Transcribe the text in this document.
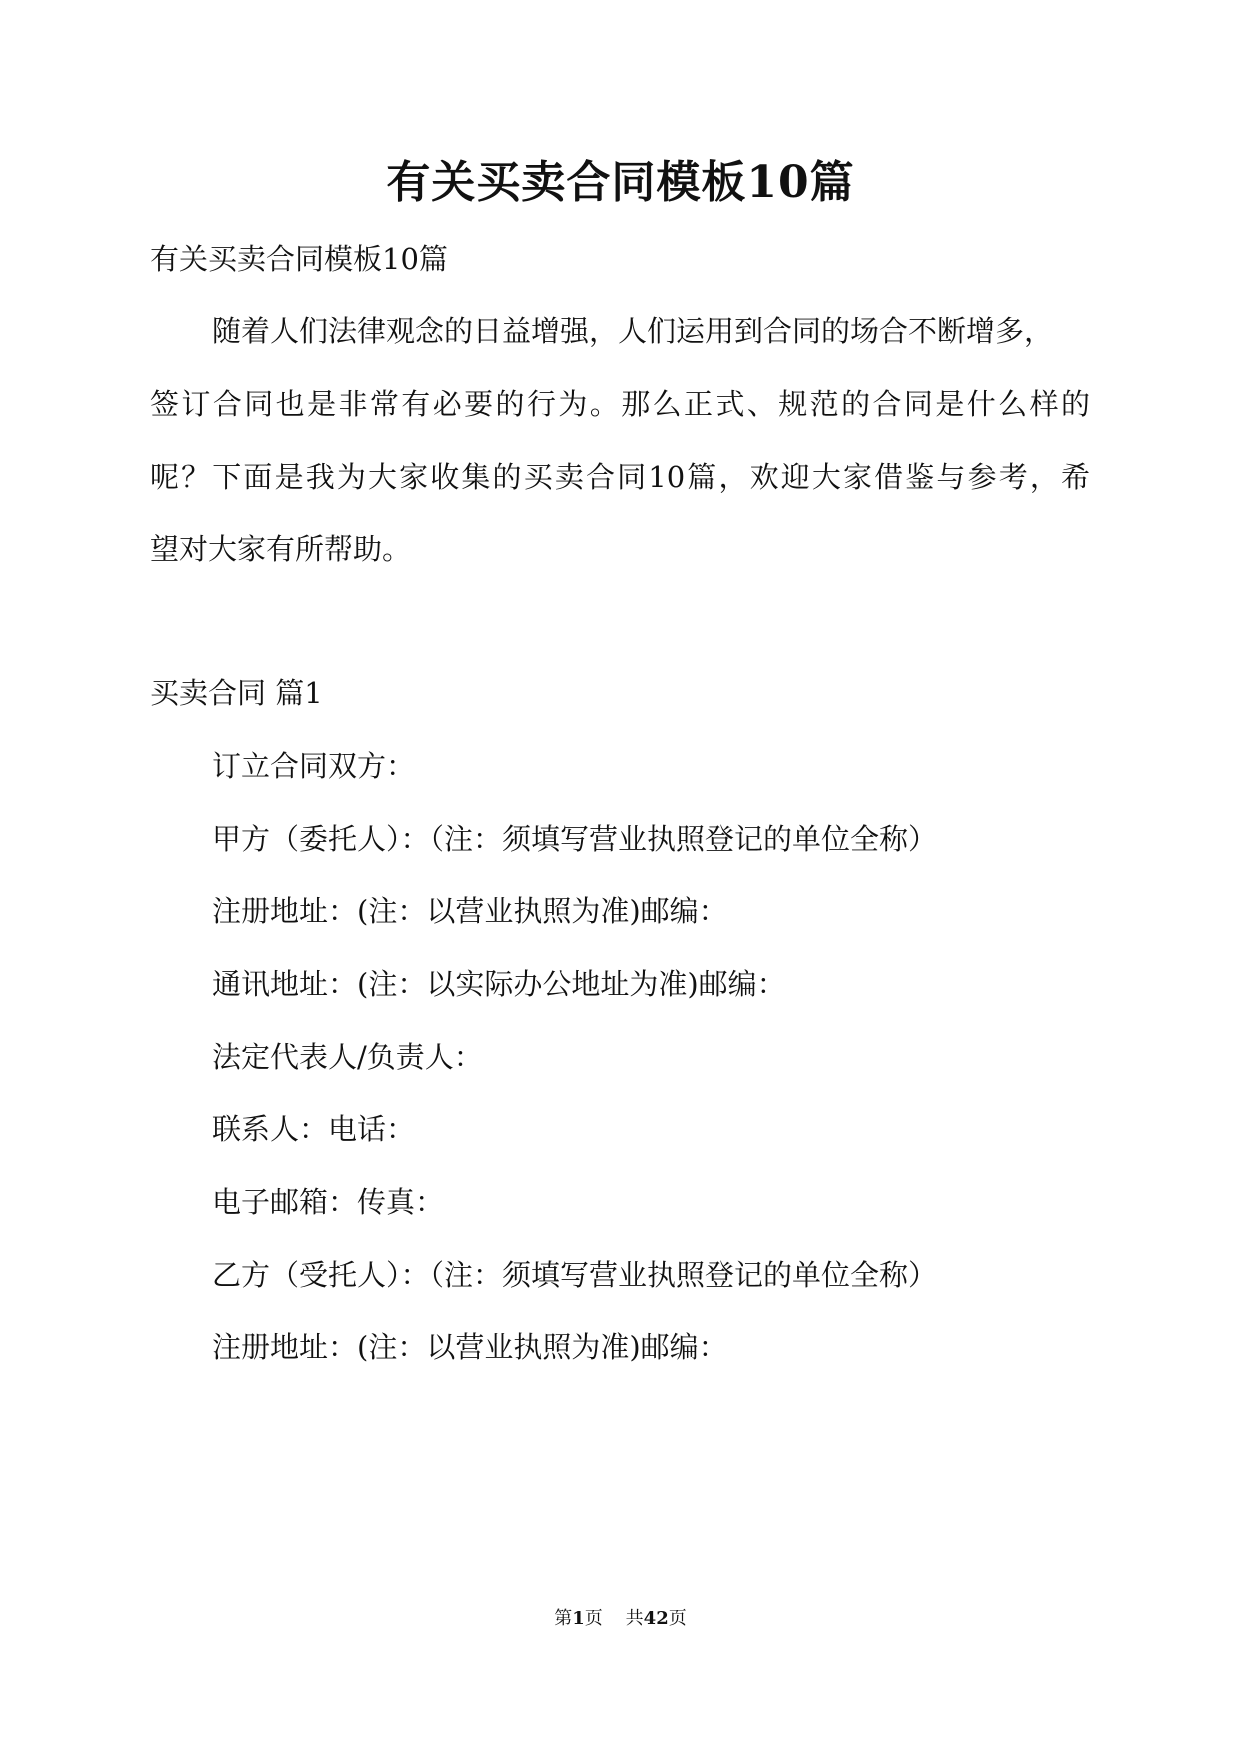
有关买卖合同模板10篇

有关买卖合同模板10篇

随着人们法律观念的日益增强，人们运用到合同的场合不断增多，

签订合同也是非常有必要的行为。那么正式、规范的合同是什么样的

呢？下面是我为大家收集的买卖合同10篇，欢迎大家借鉴与参考，希

望对大家有所帮助。

买卖合同 篇1

订立合同双方：

甲方（委托人）：（注：须填写营业执照登记的单位全称）

注册地址：(注：以营业执照为准)邮编：

通讯地址：(注：以实际办公地址为准)邮编：

法定代表人/负责人：

联系人：电话：

电子邮箱：传真：

乙方（受托人）：（注：须填写营业执照登记的单位全称）

注册地址：(注：以营业执照为准)邮编：

第1页    共42页
